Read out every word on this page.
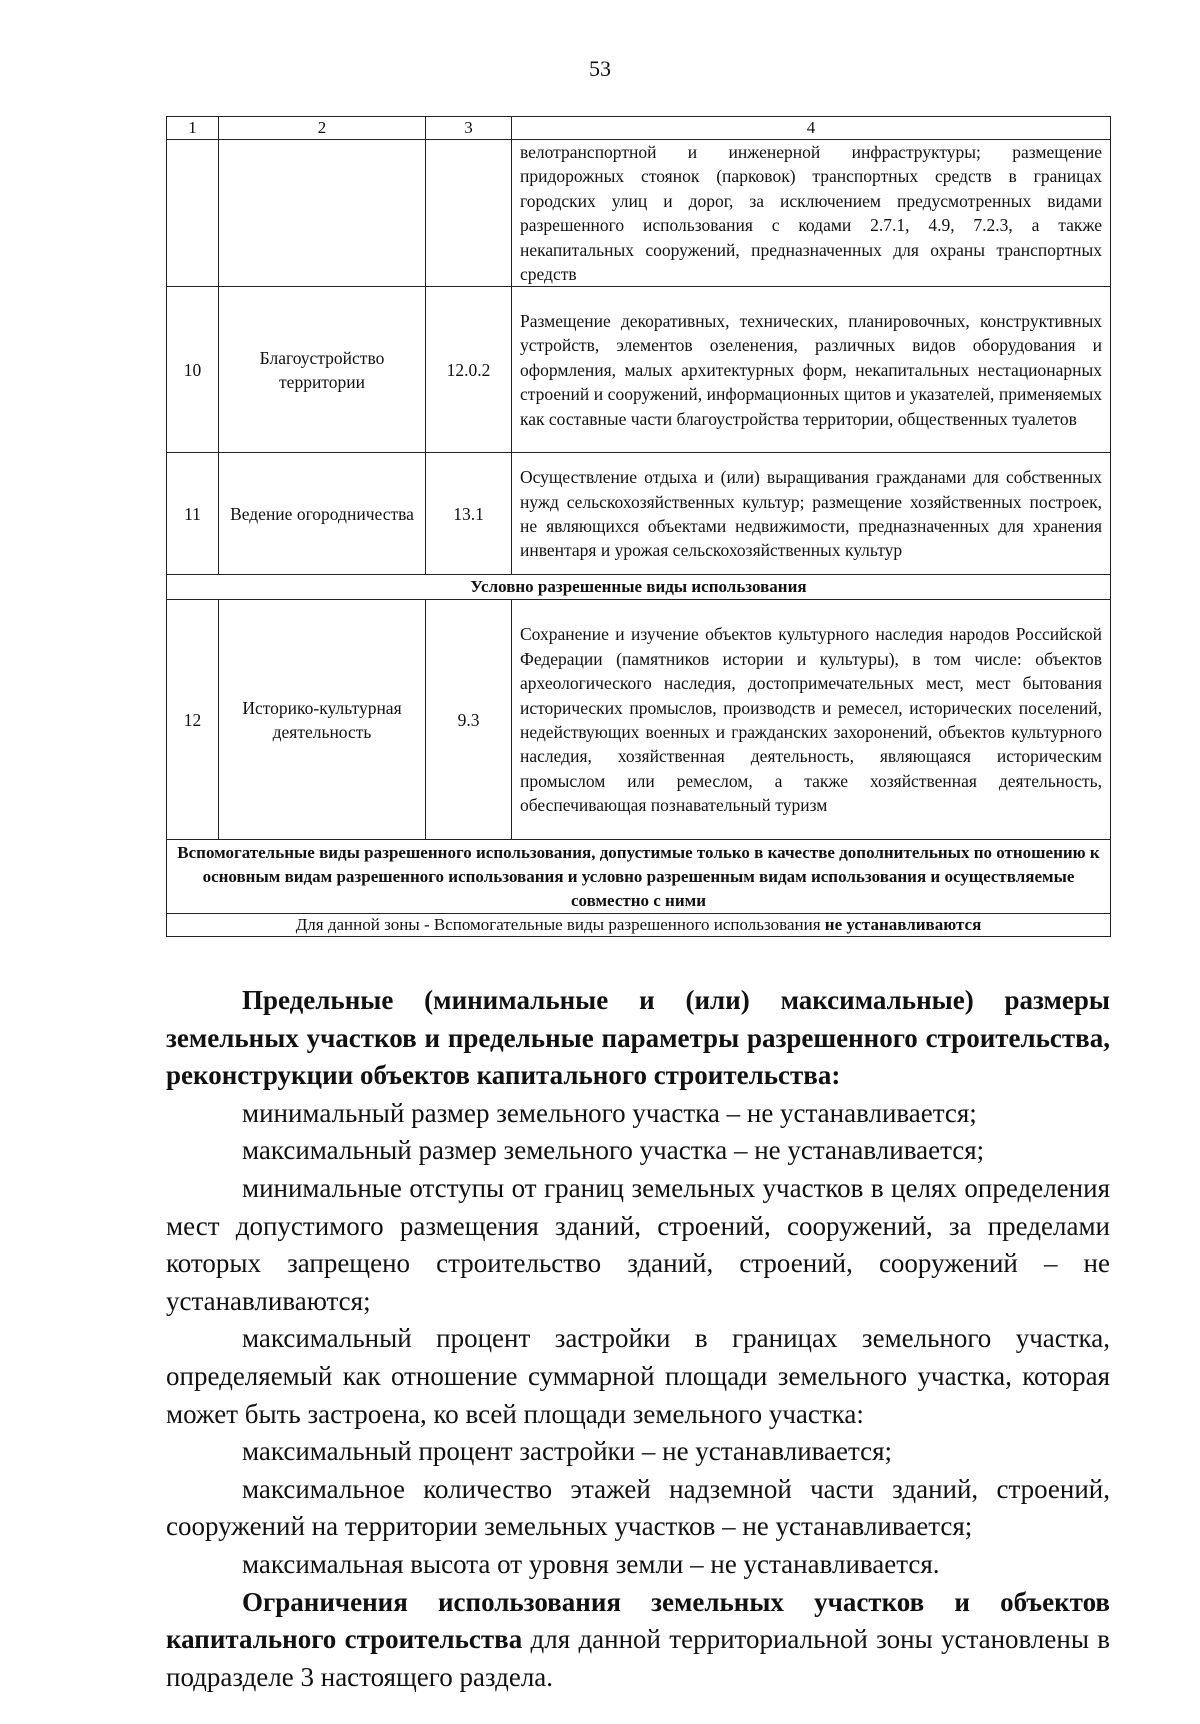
53
1	2	3	4
			велотранспортной и инженерной инфраструктуры; размещение придорожных стоянок (парковок) транспортных средств в границах городских улиц и дорог, за исключением предусмотренных видами разрешенного использования с кодами 2.7.1, 4.9, 7.2.3, а также некапитальных сооружений, предназначенных для охраны транспортных средств
10	Благоустройство территории	12.0.2	Размещение декоративных, технических, планировочных, конструктивных устройств, элементов озеленения, различных видов оборудования и оформления, малых архитектурных форм, некапитальных нестационарных строений и сооружений, информационных щитов и указателей, применяемых как составные части благоустройства территории, общественных туалетов
11	Ведение огородничества	13.1	Осуществление отдыха и (или) выращивания гражданами для собственных нужд сельскохозяйственных культур; размещение хозяйственных построек, не являющихся объектами недвижимости, предназначенных для хранения инвентаря и урожая сельскохозяйственных культур
Условно разрешенные виды использования			
12	Историко-культурная деятельность	9.3	Сохранение и изучение объектов культурного наследия народов Российской Федерации (памятников истории и культуры), в том числе: объектов археологического наследия, достопримечательных мест, мест бытования исторических промыслов, производств и ремесел, исторических поселений, недействующих военных и гражданских захоронений, объектов культурного наследия, хозяйственная деятельность, являющаяся историческим промыслом или ремеслом, а также хозяйственная деятельность, обеспечивающая познавательный туризм
Вспомогательные виды разрешенного использования, допустимые только в качестве дополнительных по отношению к основным видам разрешенного использования и условно разрешенным видам использования и осуществляемые совместно с ними			
Для данной зоны - Вспомогательные виды разрешенного использования не устанавливаются			

Предельные (минимальные и (или) максимальные) размеры земельных участков и предельные параметры разрешенного строительства, реконструкции объектов капитального строительства:

минимальный размер земельного участка – не устанавливается;

максимальный размер земельного участка – не устанавливается;

минимальные отступы от границ земельных участков в целях определения мест допустимого размещения зданий, строений, сооружений, за пределами которых запрещено строительство зданий, строений, сооружений – не устанавливаются;

максимальный процент застройки в границах земельного участка, определяемый как отношение суммарной площади земельного участка, которая может быть застроена, ко всей площади земельного участка:

максимальный процент застройки – не устанавливается;

максимальное количество этажей надземной части зданий, строений, сооружений на территории земельных участков – не устанавливается;

максимальная высота от уровня земли – не устанавливается.

Ограничения использования земельных участков и объектов капитального строительства для данной территориальной зоны установлены в подразделе 3 настоящего раздела.
